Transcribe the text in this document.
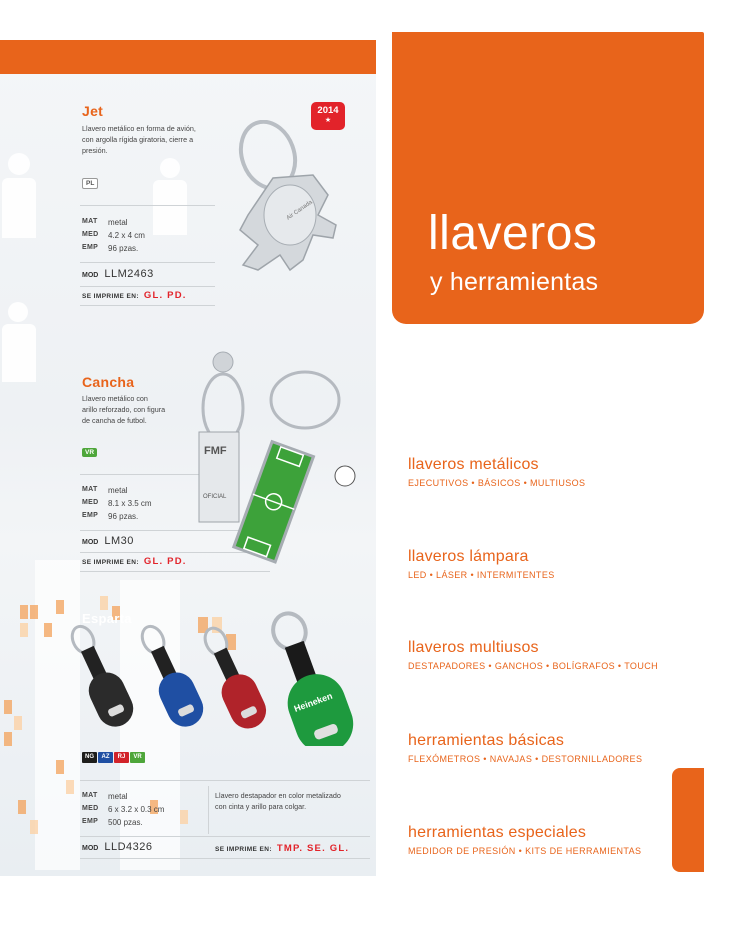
Jet
Llavero metálico en forma de avión,
con argolla rígida giratoria, cierre a
presión.
PL
MAT	metal
MED 4.2 x 4 cm
EMP 96 pzas.
MOD LLM2463
SE IMPRIME EN: GL. PD.
2014
★
Air Canada
Cancha
Llavero metálico con
arillo reforzado, con figura
de cancha de futbol.
VR
MAT	metal
MED 8.1 x 3.5 cm
EMP 96 pzas.
MOD LM30
SE IMPRIME EN: GL. PD.
FMF
OFICIAL
Esparta
Heineken
NG	AZ	RJ	VR
MAT	metal
MED 6 x 3.2 x 0.3 cm
EMP 500 pzas.
Llavero destapador en color metalizado
con cinta y arillo para colgar.
MOD LLD4326	SE IMPRIME EN: TMP. SE. GL.
llaveros
y herramientas
llaveros metálicos
EJECUTIVOS • BÁSICOS • MULTIUSOS
llaveros lámpara
LED • LÁSER • INTERMITENTES
llaveros multiusos
DESTAPADORES • GANCHOS • BOLÍGRAFOS • TOUCH
herramientas básicas
FLEXÓMETROS • NAVAJAS • DESTORNILLADORES
herramientas especiales
MEDIDOR DE PRESIÓN • KITS DE HERRAMIENTAS
